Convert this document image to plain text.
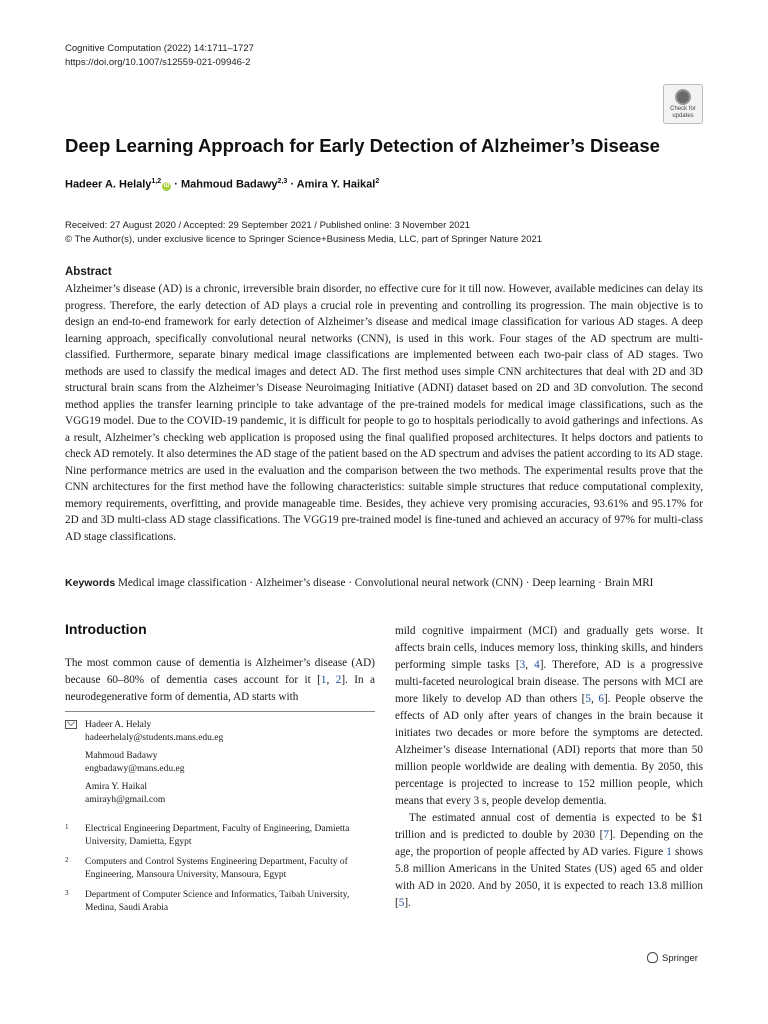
Cognitive Computation (2022) 14:1711–1727
https://doi.org/10.1007/s12559-021-09946-2
Check for
updates
Deep Learning Approach for Early Detection of Alzheimer’s Disease
Hadeer A. Helaly$^{1,2}$iD · Mahmoud Badawy$^{2,3}$ · Amira Y. Haikal$^2$
Received: 27 August 2020 / Accepted: 29 September 2021 / Published online: 3 November 2021
© The Author(s), under exclusive licence to Springer Science+Business Media, LLC, part of Springer Nature 2021
Abstract
Alzheimer’s disease (AD) is a chronic, irreversible brain disorder, no effective cure for it till now. However, available medicines can delay its progress. Therefore, the early detection of AD plays a crucial role in preventing and controlling its progression. The main objective is to design an end-to-end framework for early detection of Alzheimer’s disease and medical image classification for various AD stages. A deep learning approach, specifically convolutional neural networks (CNN), is used in this work. Four stages of the AD spectrum are multi-classified. Furthermore, separate binary medical image classifications are implemented between each two-pair class of AD stages. Two methods are used to classify the medical images and detect AD. The first method uses simple CNN architectures that deal with 2D and 3D structural brain scans from the Alzheimer’s Disease Neuroimaging Initiative (ADNI) dataset based on 2D and 3D convolution. The second method applies the transfer learning principle to take advantage of the pre-trained models for medical image classifications, such as the VGG19 model. Due to the COVID-19 pandemic, it is difficult for people to go to hospitals periodically to avoid gatherings and infections. As a result, Alzheimer’s checking web application is proposed using the final qualified proposed architectures. It helps doctors and patients to check AD remotely. It also determines the AD stage of the patient based on the AD spectrum and advises the patient according to its AD stage. Nine performance metrics are used in the evaluation and the comparison between the two methods. The experimental results prove that the CNN architectures for the first method have the following characteristics: suitable simple structures that reduce computational complexity, memory requirements, overfitting, and provide manageable time. Besides, they achieve very promising accuracies, 93.61% and 95.17% for 2D and 3D multi-class AD stage classifications. The VGG19 pre-trained model is fine-tuned and achieved an accuracy of 97% for multi-class AD stage classifications.
Keywords Medical image classification · Alzheimer’s disease · Convolutional neural network (CNN) · Deep learning · Brain MRI
Introduction
The most common cause of dementia is Alzheimer’s disease (AD) because 60–80% of dementia cases account for it [1, 2]. In a neurodegenerative form of dementia, AD starts with
Hadeer A. Helaly
hadeerhelaly@students.mans.edu.eg
Mahmoud Badawy
engbadawy@mans.edu.eg
Amira Y. Haikal
amirayh@gmail.com
1 Electrical Engineering Department, Faculty of Engineering, Damietta University, Damietta, Egypt
2 Computers and Control Systems Engineering Department, Faculty of Engineering, Mansoura University, Mansoura, Egypt
3 Department of Computer Science and Informatics, Taibah University, Medina, Saudi Arabia

mild cognitive impairment (MCI) and gradually gets worse. It affects brain cells, induces memory loss, thinking skills, and hinders performing simple tasks [3, 4]. Therefore, AD is a progressive multi-faceted neurological brain disease. The persons with MCI are more likely to develop AD than others [5, 6]. People observe the effects of AD only after years of changes in the brain because it initiates two decades or more before the symptoms are detected. Alzheimer’s disease International (ADI) reports that more than 50 million people worldwide are dealing with dementia. By 2050, this percentage is projected to increase to 152 million people, which means that every 3 s, people develop dementia.

The estimated annual cost of dementia is expected to be $1 trillion and is predicted to double by 2030 [7]. Depending on the age, the proportion of people affected by AD varies. Figure 1 shows 5.8 million Americans in the United States (US) aged 65 and older with AD in 2020. And by 2050, it is expected to reach 13.8 million [5].

Springer
